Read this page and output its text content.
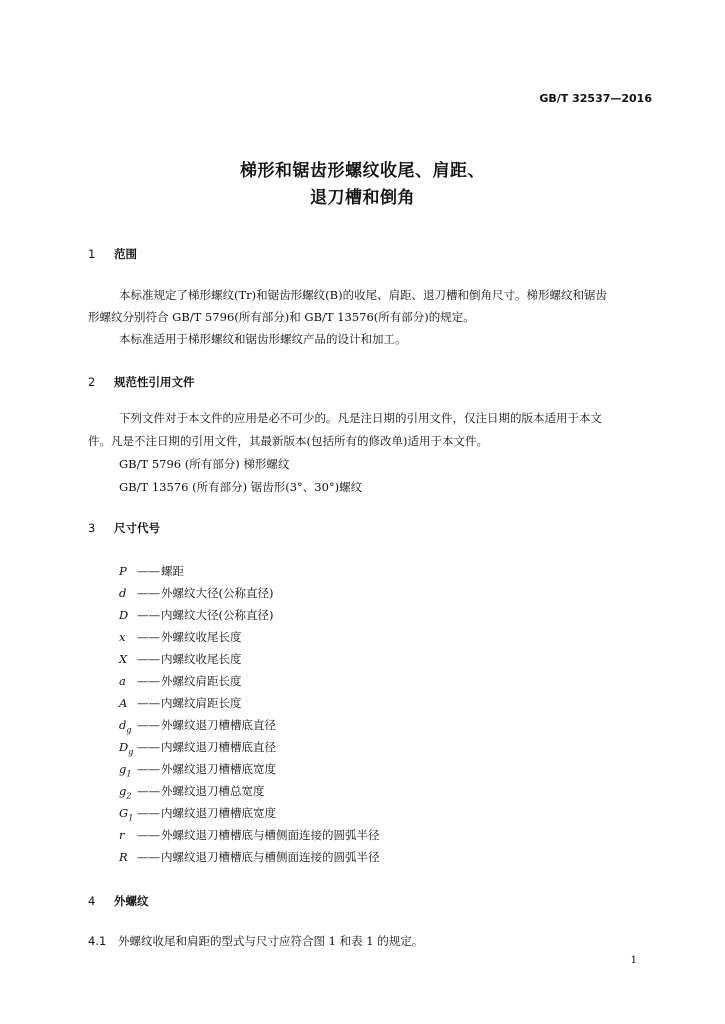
GB/T 32537—2016
梯形和锯齿形螺纹收尾、肩距、
退刀槽和倒角
1 范围
本标准规定了梯形螺纹(Tr)和锯齿形螺纹(B)的收尾、肩距、退刀槽和倒角尺寸。梯形螺纹和锯齿
形螺纹分别符合 GB/T 5796(所有部分)和 GB/T 13576(所有部分)的规定。
本标准适用于梯形螺纹和锯齿形螺纹产品的设计和加工。
2 规范性引用文件
下列文件对于本文件的应用是必不可少的。凡是注日期的引用文件，仅注日期的版本适用于本文
件。凡是不注日期的引用文件，其最新版本(包括所有的修改单)适用于本文件。
GB/T 5796 (所有部分) 梯形螺纹
GB/T 13576 (所有部分) 锯齿形(3°、30°)螺纹
3 尺寸代号
P ——螺距
d ——外螺纹大径(公称直径)
D ——内螺纹大径(公称直径)
x ——外螺纹收尾长度
X ——内螺纹收尾长度
a ——外螺纹肩距长度
A ——内螺纹肩距长度
$d_g$ ——外螺纹退刀槽槽底直径
$D_g$ ——内螺纹退刀槽槽底直径
$g_1$ ——外螺纹退刀槽槽底宽度
$g_2$ ——外螺纹退刀槽总宽度
$G_1$ ——内螺纹退刀槽槽底宽度
r ——外螺纹退刀槽槽底与槽侧面连接的圆弧半径
R ——内螺纹退刀槽槽底与槽侧面连接的圆弧半径
4 外螺纹
4.1 外螺纹收尾和肩距的型式与尺寸应符合图 1 和表 1 的规定。
1
